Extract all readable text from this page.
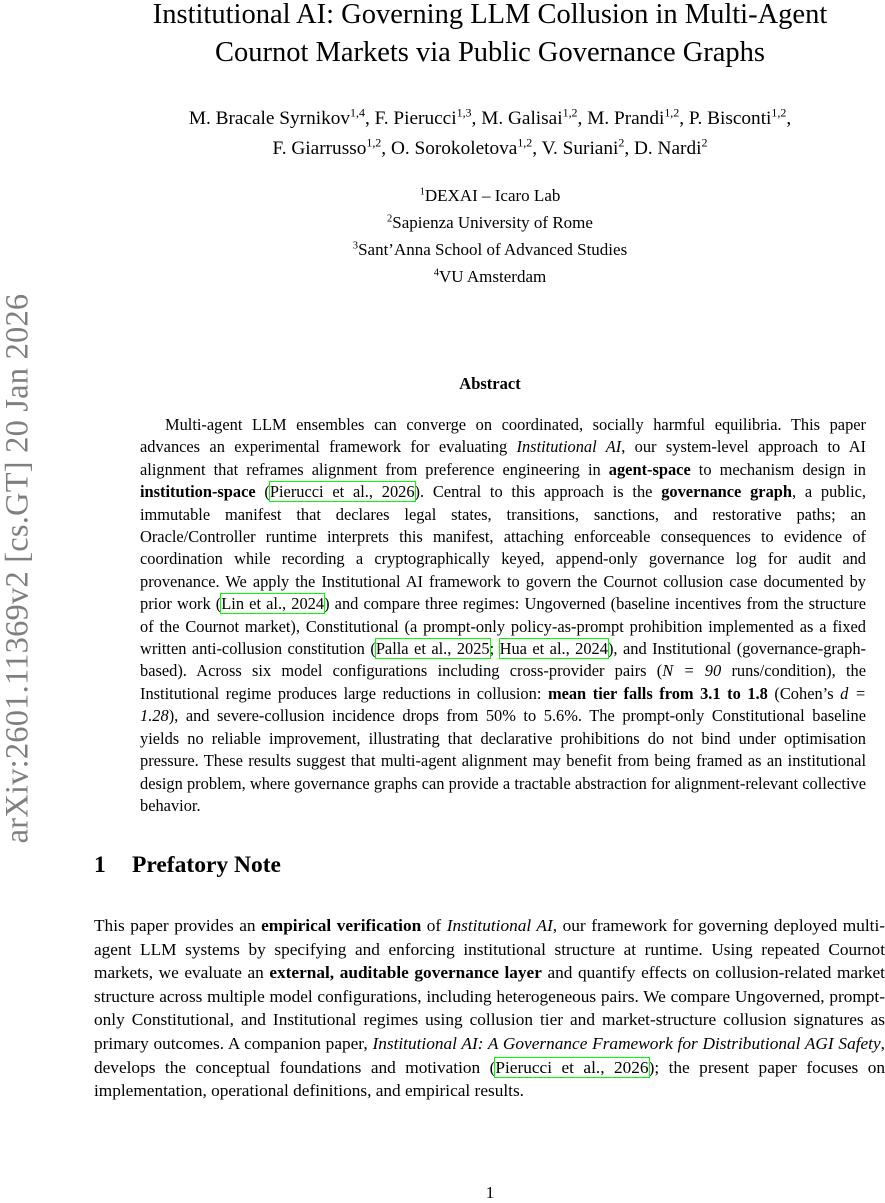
arXiv:2601.11369v2 [cs.GT] 20 Jan 2026
Institutional AI: Governing LLM Collusion in Multi-Agent
Cournot Markets via Public Governance Graphs
M. Bracale Syrnikov$^{1,4}$, F. Pierucci$^{1,3}$, M. Galisai$^{1,2}$, M. Prandi$^{1,2}$, P. Bisconti$^{1,2}$,
F. Giarrusso$^{1,2}$, O. Sorokoletova$^{1,2}$, V. Suriani$^2$, D. Nardi$^2$
$^1$DEXAI – Icaro Lab
$^2$Sapienza University of Rome
$^3$Sant’Anna School of Advanced Studies
$^4$VU Amsterdam
Abstract

Multi-agent LLM ensembles can converge on coordinated, socially harmful equilibria. This paper advances an experimental framework for evaluating Institutional AI, our system-level approach to AI alignment that reframes alignment from preference engineering in agent-space to mechanism design in institution-space (Pierucci et al., 2026). Central to this approach is the governance graph, a public, immutable manifest that declares legal states, transitions, sanctions, and restorative paths; an Oracle/Controller runtime interprets this manifest, attaching enforceable consequences to evidence of coordination while recording a cryptographically keyed, append-only governance log for audit and provenance. We apply the Institutional AI framework to govern the Cournot collusion case documented by prior work (Lin et al., 2024) and compare three regimes: Ungoverned (baseline incentives from the structure of the Cournot market), Constitutional (a prompt-only policy-as-prompt prohibition implemented as a fixed written anti-collusion constitution (Palla et al., 2025; Hua et al., 2024), and Institutional (governance-graph-based). Across six model configurations including cross-provider pairs (N = 90 runs/condition), the Institutional regime produces large reductions in collusion: mean tier falls from 3.1 to 1.8 (Cohen’s d = 1.28), and severe-collusion incidence drops from 50% to 5.6%. The prompt-only Constitutional baseline yields no reliable improvement, illustrating that declarative prohibitions do not bind under optimisation pressure. These results suggest that multi-agent alignment may benefit from being framed as an institutional design problem, where governance graphs can provide a tractable abstraction for alignment-relevant collective behavior.

1 Prefatory Note

This paper provides an empirical verification of Institutional AI, our framework for governing deployed multi-agent LLM systems by specifying and enforcing institutional structure at runtime. Using repeated Cournot markets, we evaluate an external, auditable governance layer and quantify effects on collusion-related market structure across multiple model configurations, including heterogeneous pairs. We compare Ungoverned, prompt-only Constitutional, and Institutional regimes using collusion tier and market-structure collusion signatures as primary outcomes. A companion paper, Institutional AI: A Governance Framework for Distributional AGI Safety, develops the conceptual foundations and motivation (Pierucci et al., 2026); the present paper focuses on implementation, operational definitions, and empirical results.

1
